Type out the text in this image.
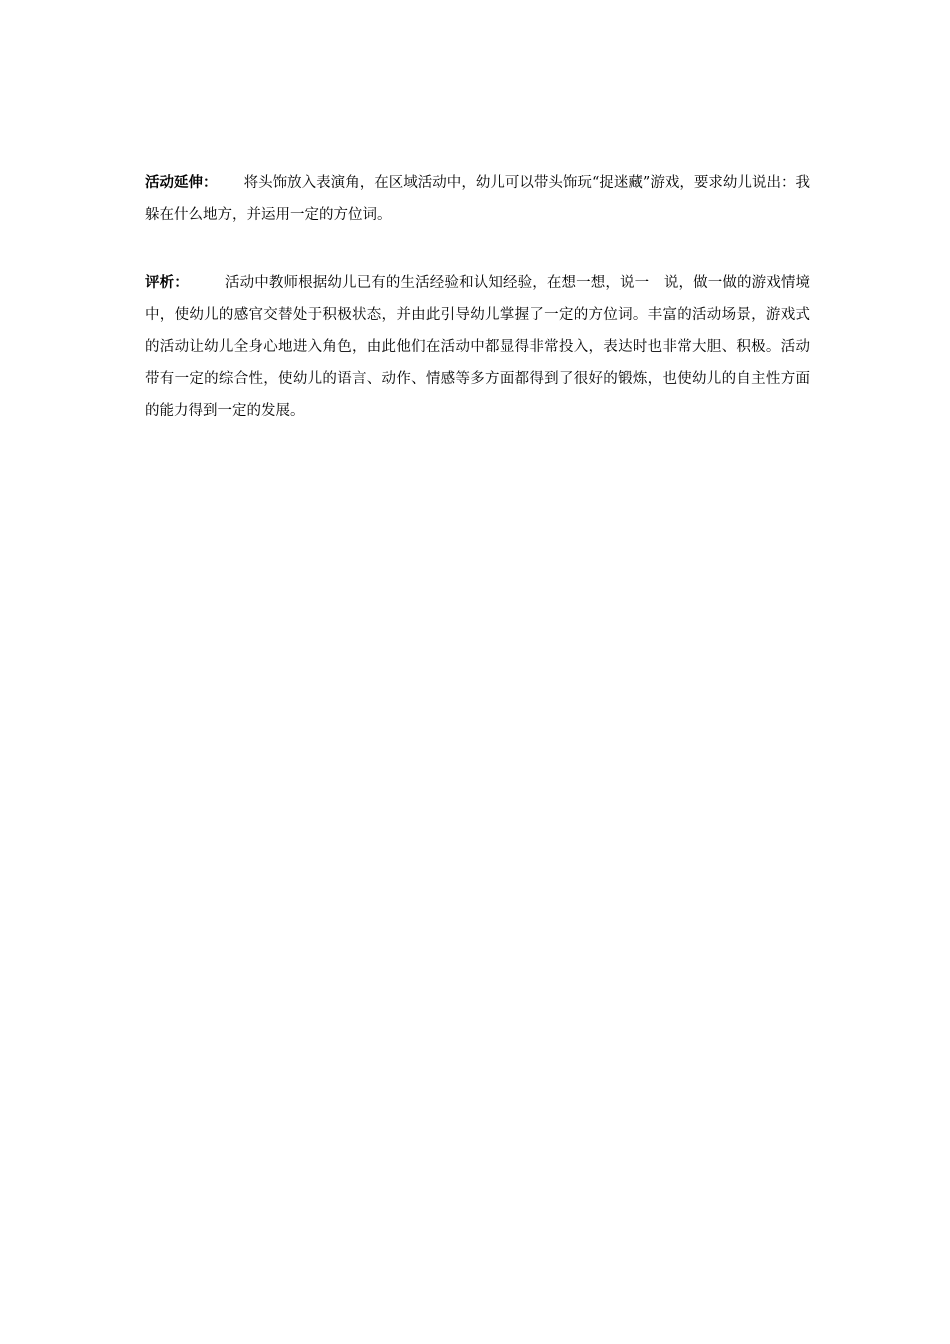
活动延伸： 将头饰放入表演角，在区域活动中，幼儿可以带头饰玩“捉迷藏”游戏，要求幼儿说出：我躲在什么地方，并运用一定的方位词。

评析： 活动中教师根据幼儿已有的生活经验和认知经验，在想一想，说一　说，做一做的游戏情境中，使幼儿的感官交替处于积极状态，并由此引导幼儿掌握了一定的方位词。丰富的活动场景，游戏式的活动让幼儿全身心地进入角色，由此他们在活动中都显得非常投入，表达时也非常大胆、积极。活动带有一定的综合性，使幼儿的语言、动作、情感等多方面都得到了很好的锻炼，也使幼儿的自主性方面的能力得到一定的发展。
